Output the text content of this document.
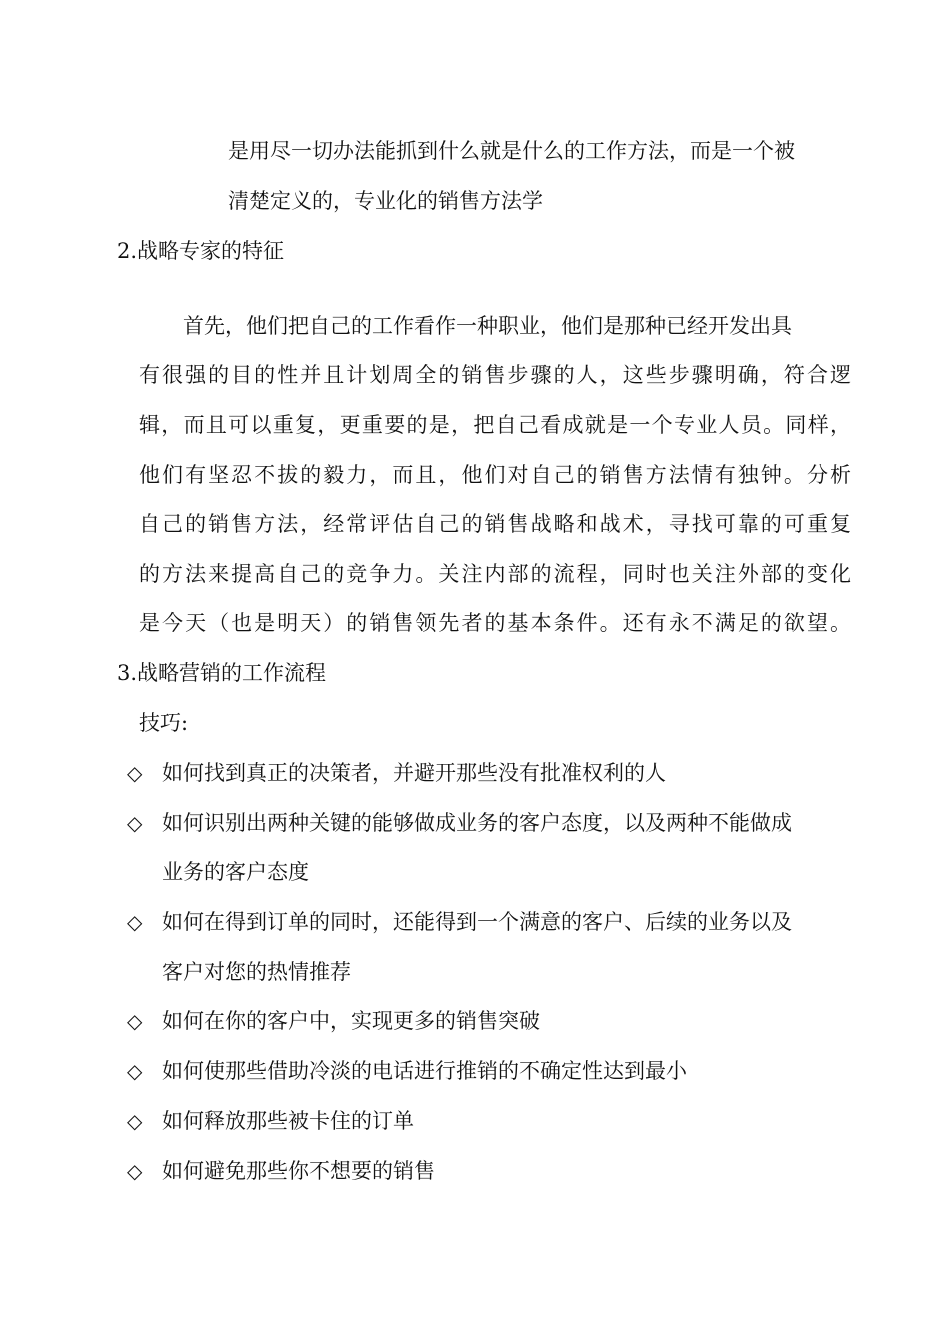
是用尽一切办法能抓到什么就是什么的工作方法，而是一个被
清楚定义的，专业化的销售方法学
2.战略专家的特征
首先，他们把自己的工作看作一种职业，他们是那种已经开发出具
有很强的目的性并且计划周全的销售步骤的人，这些步骤明确，符合逻
辑，而且可以重复，更重要的是，把自己看成就是一个专业人员。同样，
他们有坚忍不拔的毅力，而且，他们对自己的销售方法情有独钟。分析
自己的销售方法，经常评估自己的销售战略和战术，寻找可靠的可重复
的方法来提高自己的竞争力。关注内部的流程，同时也关注外部的变化
是今天（也是明天）的销售领先者的基本条件。还有永不满足的欲望。
3.战略营销的工作流程
技巧:
◇ 如何找到真正的决策者，并避开那些没有批准权利的人
◇ 如何识别出两种关键的能够做成业务的客户态度，以及两种不能做成
业务的客户态度
◇ 如何在得到订单的同时，还能得到一个满意的客户、后续的业务以及
客户对您的热情推荐
◇ 如何在你的客户中，实现更多的销售突破
◇ 如何使那些借助冷淡的电话进行推销的不确定性达到最小
◇ 如何释放那些被卡住的订单
◇ 如何避免那些你不想要的销售
